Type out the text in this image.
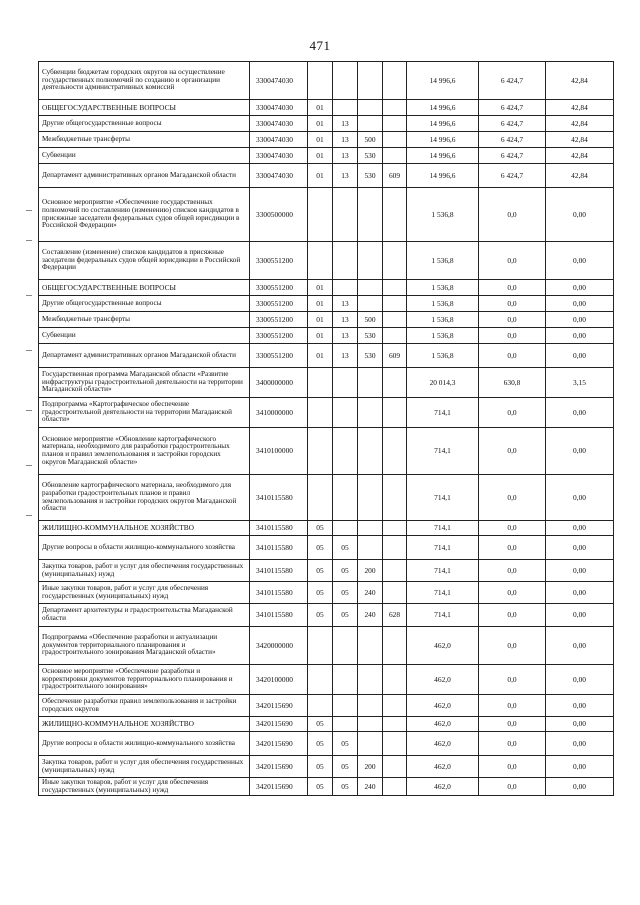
471
Субвенции бюджетам городских округов на осуществление государственных полномочий по созданию и организации деятельности административных комиссий	3300474030					14 996,6	6 424,7	42,84
ОБЩЕГОСУДАРСТВЕННЫЕ ВОПРОСЫ	3300474030	01				14 996,6	6 424,7	42,84
Другие общегосударственные вопросы	3300474030	01	13			14 996,6	6 424,7	42,84
Межбюджетные трансферты	3300474030	01	13	500		14 996,6	6 424,7	42,84
Субвенции	3300474030	01	13	530		14 996,6	6 424,7	42,84
Департамент административных органов Магаданской области	3300474030	01	13	530	609	14 996,6	6 424,7	42,84
Основное мероприятие «Обеспечение государственных полномочий по составлению (изменению) списков кандидатов в присяжные заседатели федеральных судов общей юрисдикции в Российской Федерации»	3300500000					1 536,8	0,0	0,00
Составление (изменение) списков кандидатов в присяжные заседатели федеральных судов общей юрисдикции в Российской Федерации	3300551200					1 536,8	0,0	0,00
ОБЩЕГОСУДАРСТВЕННЫЕ ВОПРОСЫ	3300551200	01				1 536,8	0,0	0,00
Другие общегосударственные вопросы	3300551200	01	13			1 536,8	0,0	0,00
Межбюджетные трансферты	3300551200	01	13	500		1 536,8	0,0	0,00
Субвенции	3300551200	01	13	530		1 536,8	0,0	0,00
Департамент административных органов Магаданской области	3300551200	01	13	530	609	1 536,8	0,0	0,00
Государственная программа Магаданской области «Развитие инфраструктуры градостроительной деятельности на территории Магаданской области»	3400000000					20 014,3	630,8	3,15
Подпрограмма «Картографическое обеспечение градостроительной деятельности на территории Магаданской области»	3410000000					714,1	0,0	0,00
Основное мероприятие «Обновление картографического материала, необходимого для разработки градостроительных планов и правил землепользования и застройки городских округов Магаданской области»	3410100000					714,1	0,0	0,00
Обновление картографического материала, необходимого для разработки градостроительных планов и правил землепользования и застройки городских округов Магаданской области	3410115580					714,1	0,0	0,00
ЖИЛИЩНО-КОММУНАЛЬНОЕ ХОЗЯЙСТВО	3410115580	05				714,1	0,0	0,00
Другие вопросы в области жилищно-коммунального хозяйства	3410115580	05	05			714,1	0,0	0,00
Закупка товаров, работ и услуг для обеспечения государственных (муниципальных) нужд	3410115580	05	05	200		714,1	0,0	0,00
Иные закупки товаров, работ и услуг для обеспечения государственных (муниципальных) нужд	3410115580	05	05	240		714,1	0,0	0,00
Департамент архитектуры и градостроительства Магаданской области	3410115580	05	05	240	628	714,1	0,0	0,00
Подпрограмма «Обеспечение разработки и актуализации документов территориального планирования и градостроительного зонирования Магаданской области»	3420000000					462,0	0,0	0,00
Основное мероприятие «Обеспечение разработки и корректировки документов территориального планирования и градостроительного зонирования»	3420100000					462,0	0,0	0,00
Обеспечение разработки правил землепользования и застройки городских округов	3420115690					462,0	0,0	0,00
ЖИЛИЩНО-КОММУНАЛЬНОЕ ХОЗЯЙСТВО	3420115690	05				462,0	0,0	0,00
Другие вопросы в области жилищно-коммунального хозяйства	3420115690	05	05			462,0	0,0	0,00
Закупка товаров, работ и услуг для обеспечения государственных (муниципальных) нужд	3420115690	05	05	200		462,0	0,0	0,00
Иные закупки товаров, работ и услуг для обеспечения государственных (муниципальных) нужд	3420115690	05	05	240		462,0	0,0	0,00
